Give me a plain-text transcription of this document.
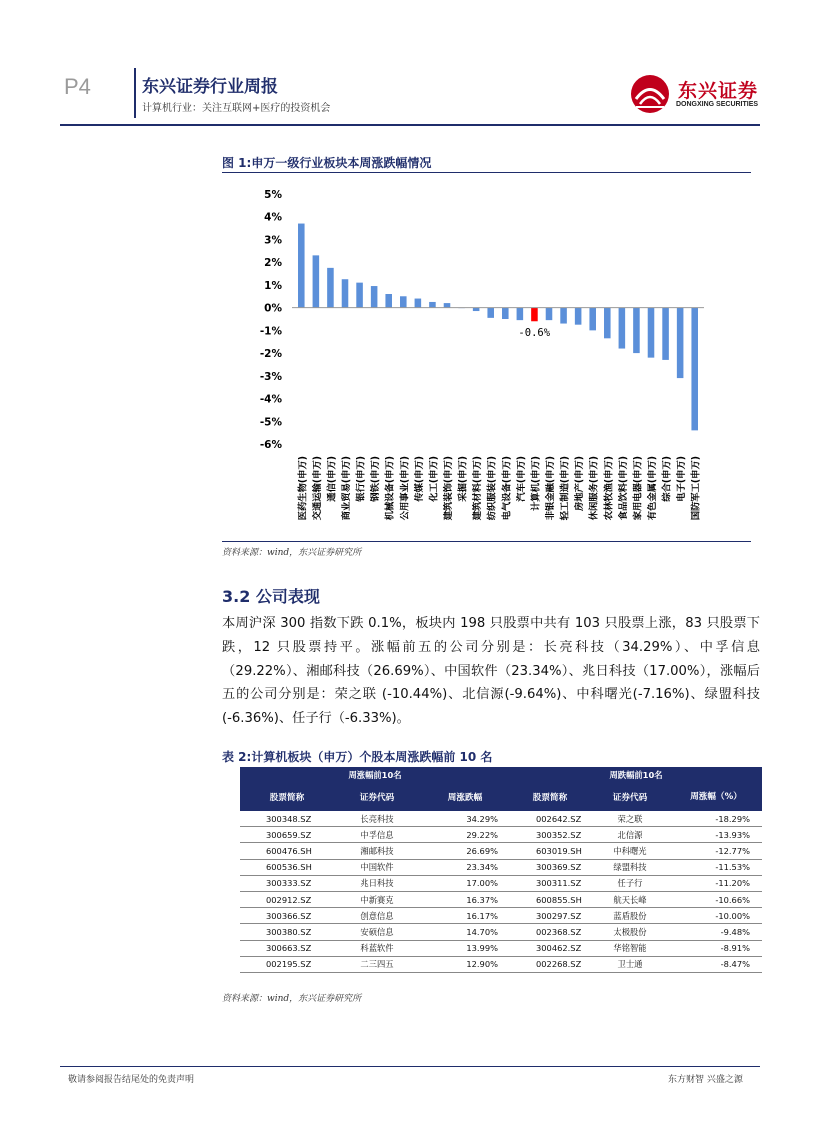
P4	东兴证券行业周报
计算机行业：关注互联网+医疗的投资机会
东兴证券
DONGXING SECURITIES
图 1:申万一级行业板块本周涨跌幅情况
5%
4%
3%
2%
1%
0%
-1%
-2%
-3%
-4%
-5%
-6%
医药生物(申万) 交通运输(申万) 通信(申万) 商业贸易(申万) 银行(申万) 钢铁(申万) 机械设备(申万) 公用事业(申万) 传媒(申万) 化工(申万) 建筑装饰(申万) 采掘(申万) 建筑材料(申万) 纺织服装(申万) 电气设备(申万) 汽车(申万) 计算机(申万) 非银金融(申万) 轻工制造(申万) 房地产(申万) 休闲服务(申万) 农林牧渔(申万) 食品饮料(申万) 家用电器(申万) 有色金属(申万) 综合(申万) 电子(申万) 国防军工(申万)
-0.6%
资料来源：wind，东兴证券研究所
3.2 公司表现
本周沪深 300 指数下跌 0.1%，板块内 198 只股票中共有 103 只股票上涨，83 只股票下跌，12 只股票持平。涨幅前五的公司分别是：长亮科技（34.29%）、中孚信息（29.22%）、湘邮科技（26.69%）、中国软件（23.34%）、兆日科技（17.00%），涨幅后五的公司分别是：荣之联 (-10.44%)、北信源(-9.64%)、中科曙光(-7.16%)、绿盟科技(-6.36%)、任子行（-6.33%)。
表 2:计算机板块（申万）个股本周涨跌幅前 10 名
周涨幅前10名			周跌幅前10名		
股票简称	证券代码	周涨跌幅	股票简称	证券代码	周涨幅（%）
300348.SZ	长亮科技	34.29%	002642.SZ	荣之联	-18.29%
300659.SZ	中孚信息	29.22%	300352.SZ	北信源	-13.93%
600476.SH	湘邮科技	26.69%	603019.SH	中科曙光	-12.77%
600536.SH	中国软件	23.34%	300369.SZ	绿盟科技	-11.53%
300333.SZ	兆日科技	17.00%	300311.SZ	任子行	-11.20%
002912.SZ	中新赛克	16.37%	600855.SH	航天长峰	-10.66%
300366.SZ	创意信息	16.17%	300297.SZ	蓝盾股份	-10.00%
300380.SZ	安硕信息	14.70%	002368.SZ	太极股份	-9.48%
300663.SZ	科蓝软件	13.99%	300462.SZ	华铭智能	-8.91%
002195.SZ	二三四五	12.90%	002268.SZ	卫士通	-8.47%
资料来源：wind，东兴证券研究所
敬请参阅报告结尾处的免责声明	东方财智 兴盛之源
